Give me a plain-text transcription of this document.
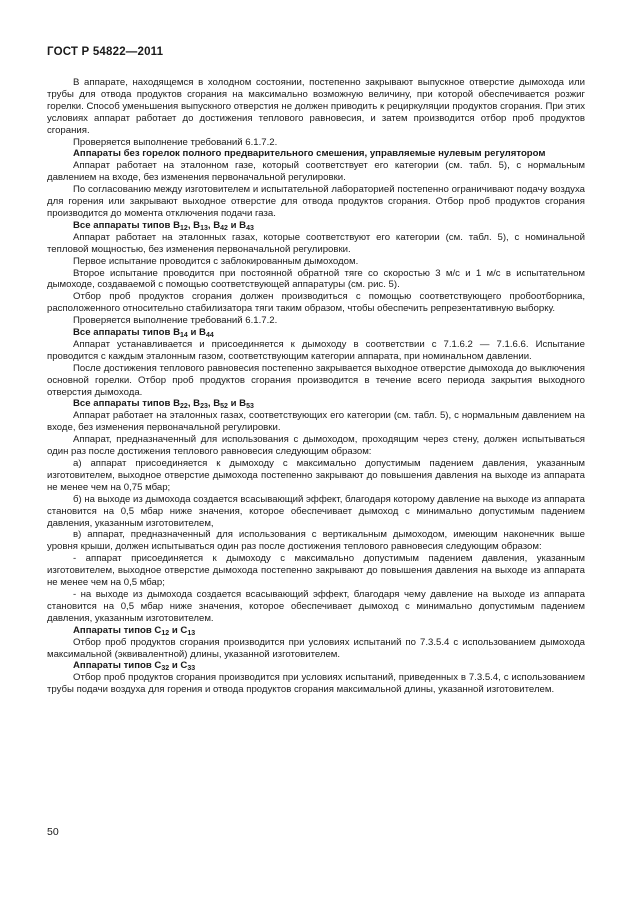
ГОСТ Р 54822—2011

В аппарате, находящемся в холодном состоянии, постепенно закрывают выпускное отверстие дымохода или трубы для отвода продуктов сгорания на максимально возможную величину, при которой обеспечивается розжиг горелки. Способ уменьшения выпускного отверстия не должен приводить к рециркуляции продуктов сгорания. При этих условиях аппарат работает до достижения теплового равновесия, и затем производится отбор проб продуктов сгорания.

Проверяется выполнение требований 6.1.7.2.

Аппараты без горелок полного предварительного смешения, управляемые нулевым регулятором

Аппарат работает на эталонном газе, который соответствует его категории (см. табл. 5), с нормальным давлением на входе, без изменения первоначальной регулировки.

По согласованию между изготовителем и испытательной лабораторией постепенно ограничивают подачу воздуха для горения или закрывают выходное отверстие для отвода продуктов сгорания. Отбор проб продуктов сгорания производится до момента отключения подачи газа.

Все аппараты типов $В_{12}$, $В_{13}$, $В_{42}$ и $В_{43}$

Аппарат работает на эталонных газах, которые соответствуют его категории (см. табл. 5), с номинальной тепловой мощностью, без изменения первоначальной регулировки.

Первое испытание проводится с заблокированным дымоходом.

Второе испытание проводится при постоянной обратной тяге со скоростью 3 м/с и 1 м/с в испытательном дымоходе, создаваемой с помощью соответствующей аппаратуры (см. рис. 5).

Отбор проб продуктов сгорания должен производиться с помощью соответствующего пробоотборника, расположенного относительно стабилизатора тяги таким образом, чтобы обеспечить репрезентативную выборку.

Проверяется выполнение требований 6.1.7.2.

Все аппараты типов $В_{14}$ и $В_{44}$

Аппарат устанавливается и присоединяется к дымоходу в соответствии с 7.1.6.2 — 7.1.6.6. Испытание проводится с каждым эталонным газом, соответствующим категории аппарата, при номинальном давлении.

После достижения теплового равновесия постепенно закрывается выходное отверстие дымохода до выключения основной горелки. Отбор проб продуктов сгорания производится в течение всего периода закрытия выходного отверстия дымохода.

Все аппараты типов $В_{22}$, $В_{23}$, $В_{52}$ и $В_{53}$

Аппарат работает на эталонных газах, соответствующих его категории (см. табл. 5), с нормальным давлением на входе, без изменения первоначальной регулировки.

Аппарат, предназначенный для использования с дымоходом, проходящим через стену, должен испытываться один раз после достижения теплового равновесия следующим образом:

а) аппарат присоединяется к дымоходу с максимально допустимым падением давления, указанным изготовителем, выходное отверстие дымохода постепенно закрывают до повышения давления на выходе из аппарата не менее чем на 0,75 мбар;

б) на выходе из дымохода создается всасывающий эффект, благодаря которому давление на выходе из аппарата становится на 0,5 мбар ниже значения, которое обеспечивает дымоход с минимально допустимым падением давления, указанным изготовителем,

в) аппарат, предназначенный для использования с вертикальным дымоходом, имеющим наконечник выше уровня крыши, должен испытываться один раз после достижения теплового равновесия следующим образом:

- аппарат присоединяется к дымоходу с максимально допустимым падением давления, указанным изготовителем, выходное отверстие дымохода постепенно закрывают до повышения давления на выходе из аппарата не менее чем на 0,5 мбар;

- на выходе из дымохода создается всасывающий эффект, благодаря чему давление на выходе из аппарата становится на 0,5 мбар ниже значения, которое обеспечивает дымоход с минимально допустимым падением давления, указанным изготовителем.

Аппараты типов $С_{12}$ и $С_{13}$

Отбор проб продуктов сгорания производится при условиях испытаний по 7.3.5.4 с использованием дымохода максимальной (эквивалентной) длины, указанной изготовителем.

Аппараты типов $С_{32}$ и $С_{33}$

Отбор проб продуктов сгорания производится при условиях испытаний, приведенных в 7.3.5.4, с использованием трубы подачи воздуха для горения и отвода продуктов сгорания максимальной длины, указанной изготовителем.

50
